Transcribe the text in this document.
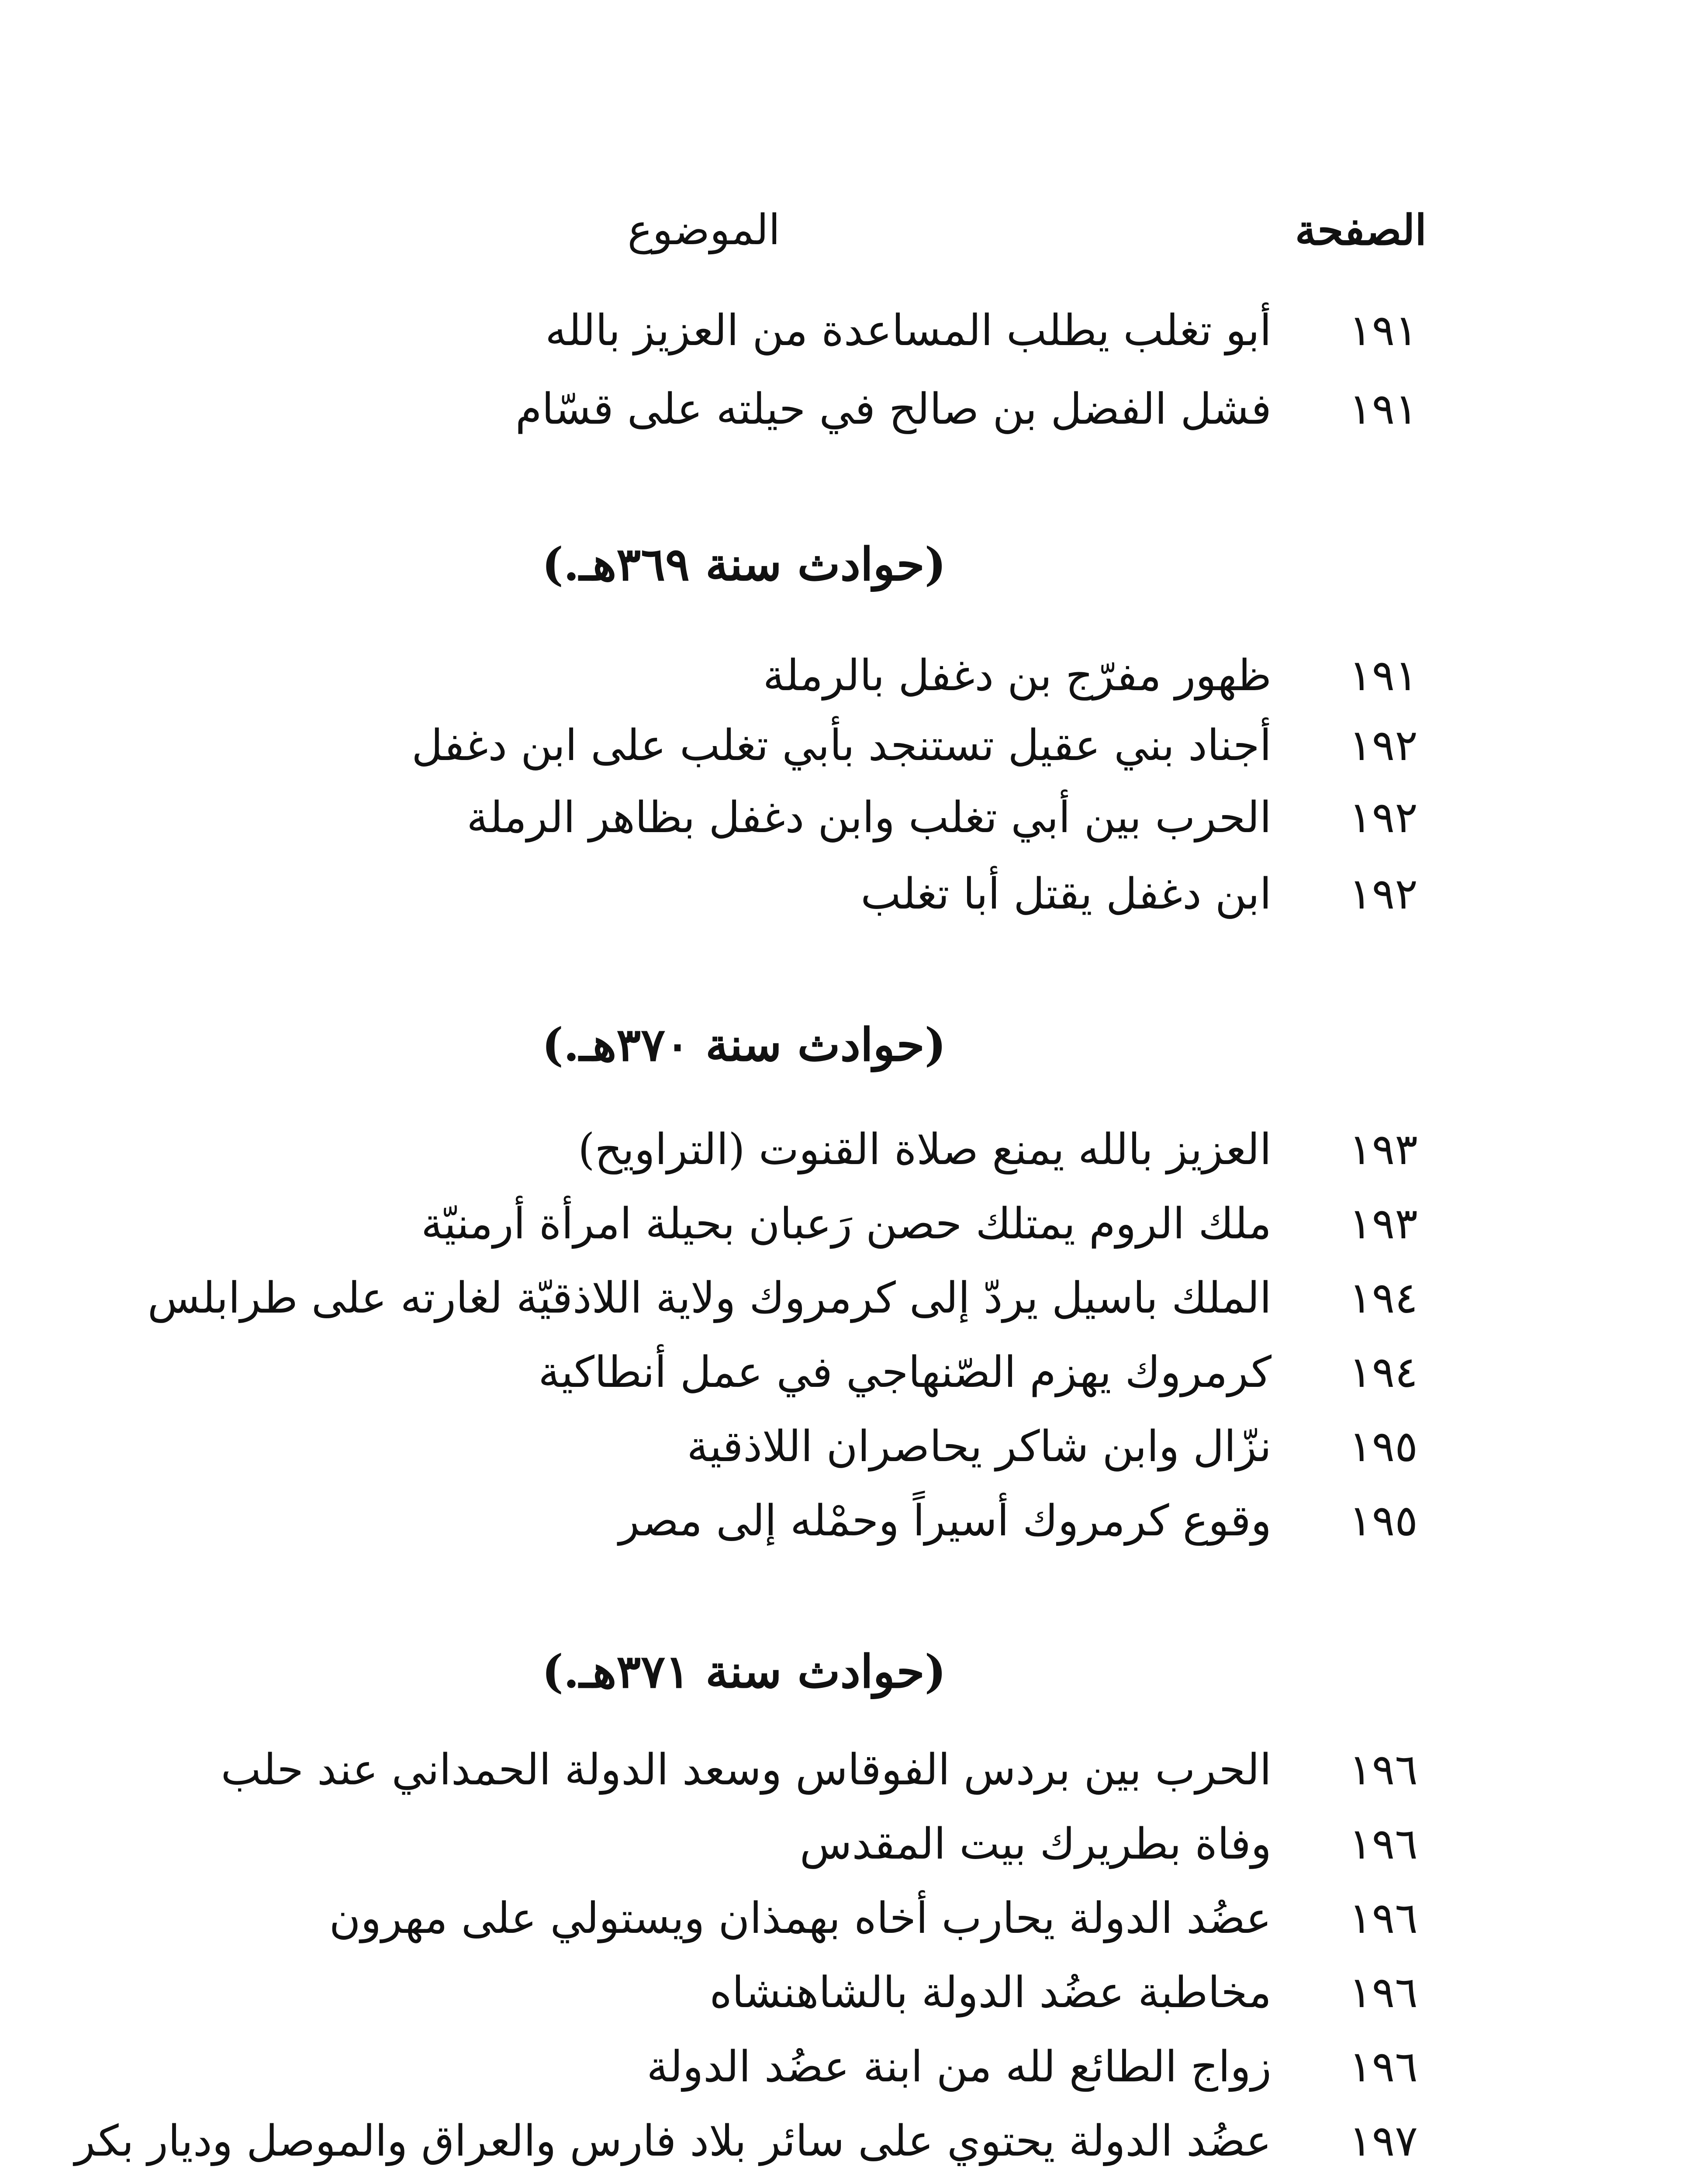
الصفحة
الموضوع
١٩١
أبو تغلب يطلب المساعدة من العزيز بالله
١٩١
فشل الفضل بن صالح في حيلته على قسّام
(حوادث سنة ٣٦٩هـ.)
١٩١
ظهور مفرّج بن دغفل بالرملة
١٩٢
أجناد بني عقيل تستنجد بأبي تغلب على ابن دغفل
١٩٢
الحرب بين أبي تغلب وابن دغفل بظاهر الرملة
١٩٢
ابن دغفل يقتل أبا تغلب
(حوادث سنة ٣٧٠هـ.)
١٩٣
العزيز بالله يمنع صلاة القنوت (التراويح)
١٩٣
ملك الروم يمتلك حصن رَعبان بحيلة امرأة أرمنيّة
١٩٤
الملك باسيل يردّ إلى كرمروك ولاية اللاذقيّة لغارته على طرابلس
١٩٤
كرمروك يهزم الصّنهاجي في عمل أنطاكية
١٩٥
نزّال وابن شاكر يحاصران اللاذقية
١٩٥
وقوع كرمروك أسيراً وحمْله إلى مصر
(حوادث سنة ٣٧١هـ.)
١٩٦
الحرب بين بردس الفوقاس وسعد الدولة الحمداني عند حلب
١٩٦
وفاة بطريرك بيت المقدس
١٩٦
عضُد الدولة يحارب أخاه بهمذان ويستولي على مهرون
١٩٦
مخاطبة عضُد الدولة بالشاهنشاه
١٩٦
زواج الطائع لله من ابنة عضُد الدولة
١٩٧
عضُد الدولة يحتوي على سائر بلاد فارس والعراق والموصل وديار بكر
